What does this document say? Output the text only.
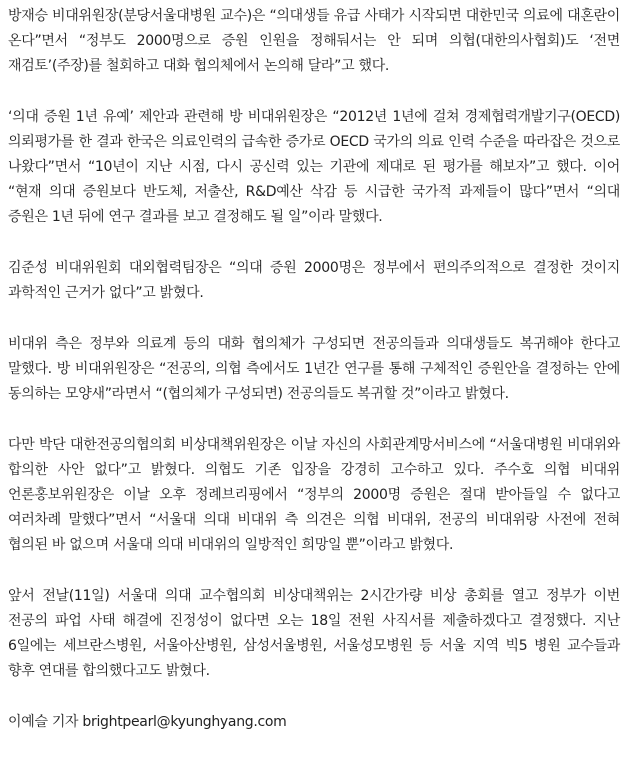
방재승 비대위원장(분당서울대병원 교수)은 “의대생들 유급 사태가 시작되면 대한민국 의료에 대혼란이 온다”면서 “정부도 2000명으로 증원 인원을 정해둬서는 안 되며 의협(대한의사협회)도 ‘전면 재검토’(주장)를 철회하고 대화 협의체에서 논의해 달라”고 했다.

‘의대 증원 1년 유예’ 제안과 관련해 방 비대위원장은 “2012년 1년에 걸쳐 경제협력개발기구(OECD) 의뢰평가를 한 결과 한국은 의료인력의 급속한 증가로 OECD 국가의 의료 인력 수준을 따라잡은 것으로 나왔다”면서 “10년이 지난 시점, 다시 공신력 있는 기관에 제대로 된 평가를 해보자”고 했다. 이어 “현재 의대 증원보다 반도체, 저출산, R&D예산 삭감 등 시급한 국가적 과제들이 많다”면서 “의대 증원은 1년 뒤에 연구 결과를 보고 결정해도 될 일”이라 말했다.

김준성 비대위원회 대외협력팀장은 “의대 증원 2000명은 정부에서 편의주의적으로 결정한 것이지 과학적인 근거가 없다”고 밝혔다.

비대위 측은 정부와 의료계 등의 대화 협의체가 구성되면 전공의들과 의대생들도 복귀해야 한다고 말했다. 방 비대위원장은 “전공의, 의협 측에서도 1년간 연구를 통해 구체적인 증원안을 결정하는 안에 동의하는 모양새”라면서 “(협의체가 구성되면) 전공의들도 복귀할 것”이라고 밝혔다.

다만 박단 대한전공의협의회 비상대책위원장은 이날 자신의 사회관계망서비스에 “서울대병원 비대위와 합의한 사안 없다”고 밝혔다. 의협도 기존 입장을 강경히 고수하고 있다. 주수호 의협 비대위 언론홍보위원장은 이날 오후 정례브리핑에서 “정부의 2000명 증원은 절대 받아들일 수 없다고 여러차례 말했다”면서 “서울대 의대 비대위 측 의견은 의협 비대위, 전공의 비대위랑 사전에 전혀 협의된 바 없으며 서울대 의대 비대위의 일방적인 희망일 뿐”이라고 밝혔다.

앞서 전날(11일) 서울대 의대 교수협의회 비상대책위는 2시간가량 비상 총회를 열고 정부가 이번 전공의 파업 사태 해결에 진정성이 없다면 오는 18일 전원 사직서를 제출하겠다고 결정했다. 지난 6일에는 세브란스병원, 서울아산병원, 삼성서울병원, 서울성모병원 등 서울 지역 빅5 병원 교수들과 향후 연대를 합의했다고도 밝혔다.

이예슬 기자 brightpearl@kyunghyang.com
